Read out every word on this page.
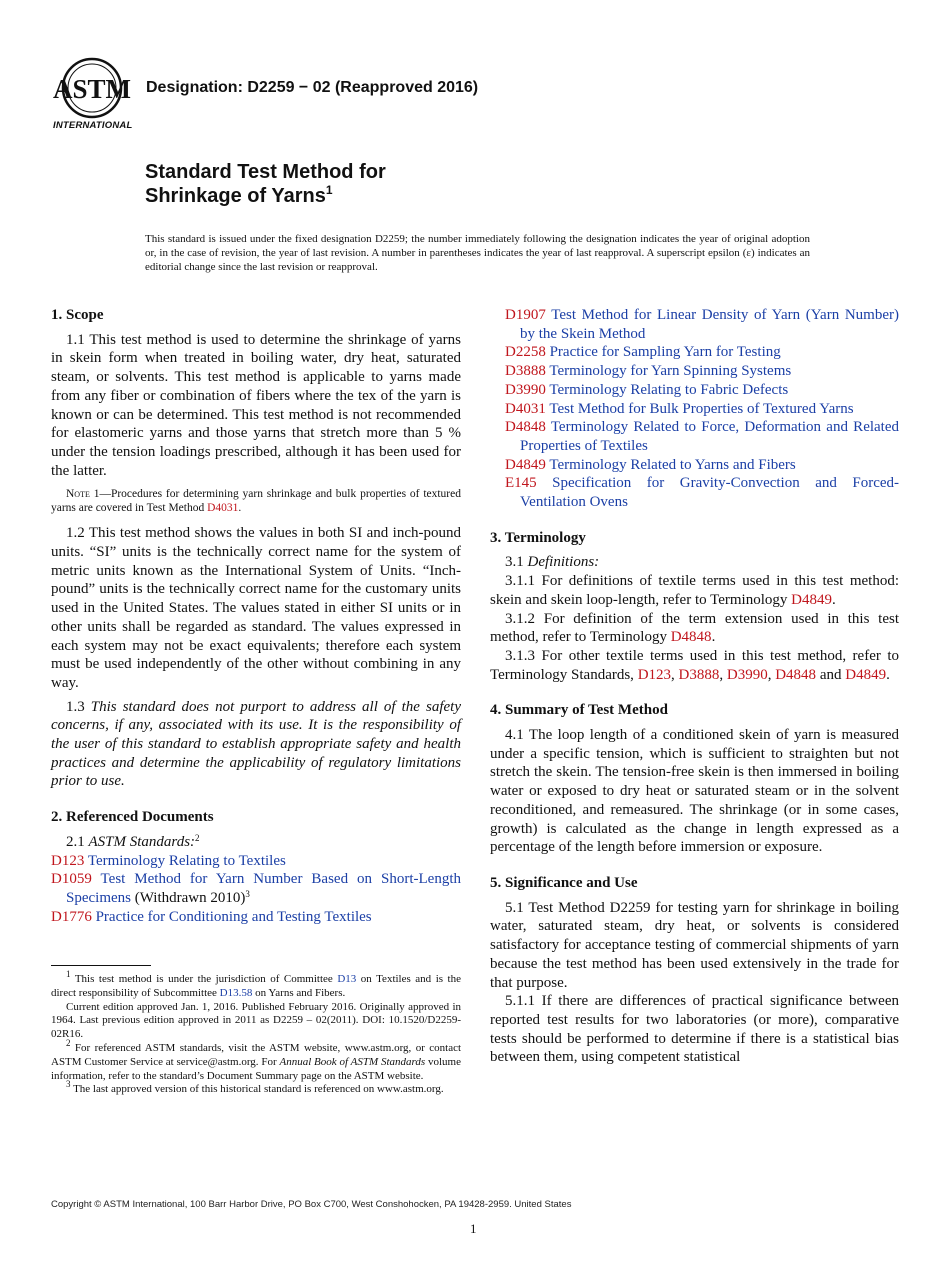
ASTM
INTERNATIONAL
Designation: D2259 − 02 (Reapproved 2016)
Standard Test Method for
Shrinkage of Yarns$^1$
This standard is issued under the fixed designation D2259; the number immediately following the designation indicates the year of original adoption or, in the case of revision, the year of last revision. A number in parentheses indicates the year of last reapproval. A superscript epsilon (ε) indicates an editorial change since the last revision or reapproval.
1. Scope

1.1 This test method is used to determine the shrinkage of yarns in skein form when treated in boiling water, dry heat, saturated steam, or solvents. This test method is applicable to yarns made from any fiber or combination of fibers where the tex of the yarn is known or can be determined. This test method is not recommended for elastomeric yarns and those yarns that stretch more than 5 % under the tension loadings prescribed, although it has been used for the latter.

Note 1—Procedures for determining yarn shrinkage and bulk properties of textured yarns are covered in Test Method D4031.

1.2 This test method shows the values in both SI and inch-pound units. “SI” units is the technically correct name for the system of metric units known as the International System of Units. “Inch-pound” units is the technically correct name for the customary units used in the United States. The values stated in either SI units or in other units shall be regarded as standard. The values expressed in each system may not be exact equivalents; therefore each system must be used independently of the other without combining in any way.

1.3 This standard does not purport to address all of the safety concerns, if any, associated with its use. It is the responsibility of the user of this standard to establish appropriate safety and health practices and determine the applicability of regulatory limitations prior to use.

2. Referenced Documents

2.1 ASTM Standards:$^2$

D123 Terminology Relating to Textiles
D1059 Test Method for Yarn Number Based on Short-Length Specimens (Withdrawn 2010)$^3$
D1776 Practice for Conditioning and Testing Textiles
$^1$ This test method is under the jurisdiction of Committee D13 on Textiles and is the direct responsibility of Subcommittee D13.58 on Yarns and Fibers.
Current edition approved Jan. 1, 2016. Published February 2016. Originally approved in 1964. Last previous edition approved in 2011 as D2259 – 02(2011). DOI: 10.1520/D2259-02R16.
$^2$ For referenced ASTM standards, visit the ASTM website, www.astm.org, or contact ASTM Customer Service at service@astm.org. For Annual Book of ASTM Standards volume information, refer to the standard’s Document Summary page on the ASTM website.
$^3$ The last approved version of this historical standard is referenced on www.astm.org.
D1907 Test Method for Linear Density of Yarn (Yarn Number) by the Skein Method
D2258 Practice for Sampling Yarn for Testing
D3888 Terminology for Yarn Spinning Systems
D3990 Terminology Relating to Fabric Defects
D4031 Test Method for Bulk Properties of Textured Yarns
D4848 Terminology Related to Force, Deformation and Related Properties of Textiles
D4849 Terminology Related to Yarns and Fibers
E145 Specification for Gravity-Convection and Forced-Ventilation Ovens
3. Terminology

3.1 Definitions:

3.1.1 For definitions of textile terms used in this test method: skein and skein loop-length, refer to Terminology D4849.

3.1.2 For definition of the term extension used in this test method, refer to Terminology D4848.

3.1.3 For other textile terms used in this test method, refer to Terminology Standards, D123, D3888, D3990, D4848 and D4849.

4. Summary of Test Method

4.1 The loop length of a conditioned skein of yarn is measured under a specific tension, which is sufficient to straighten but not stretch the skein. The tension-free skein is then immersed in boiling water or exposed to dry heat or saturated steam or in the solvent reconditioned, and remeasured. The shrinkage (or in some cases, growth) is calculated as the change in length expressed as a percentage of the length before immersion or exposure.

5. Significance and Use

5.1 Test Method D2259 for testing yarn for shrinkage in boiling water, saturated steam, dry heat, or solvents is considered satisfactory for acceptance testing of commercial shipments of yarn because the test method has been used extensively in the trade for that purpose.

5.1.1 If there are differences of practical significance between reported test results for two laboratories (or more), comparative tests should be performed to determine if there is a statistical bias between them, using competent statistical

Copyright © ASTM International, 100 Barr Harbor Drive, PO Box C700, West Conshohocken, PA 19428-2959. United States
1
